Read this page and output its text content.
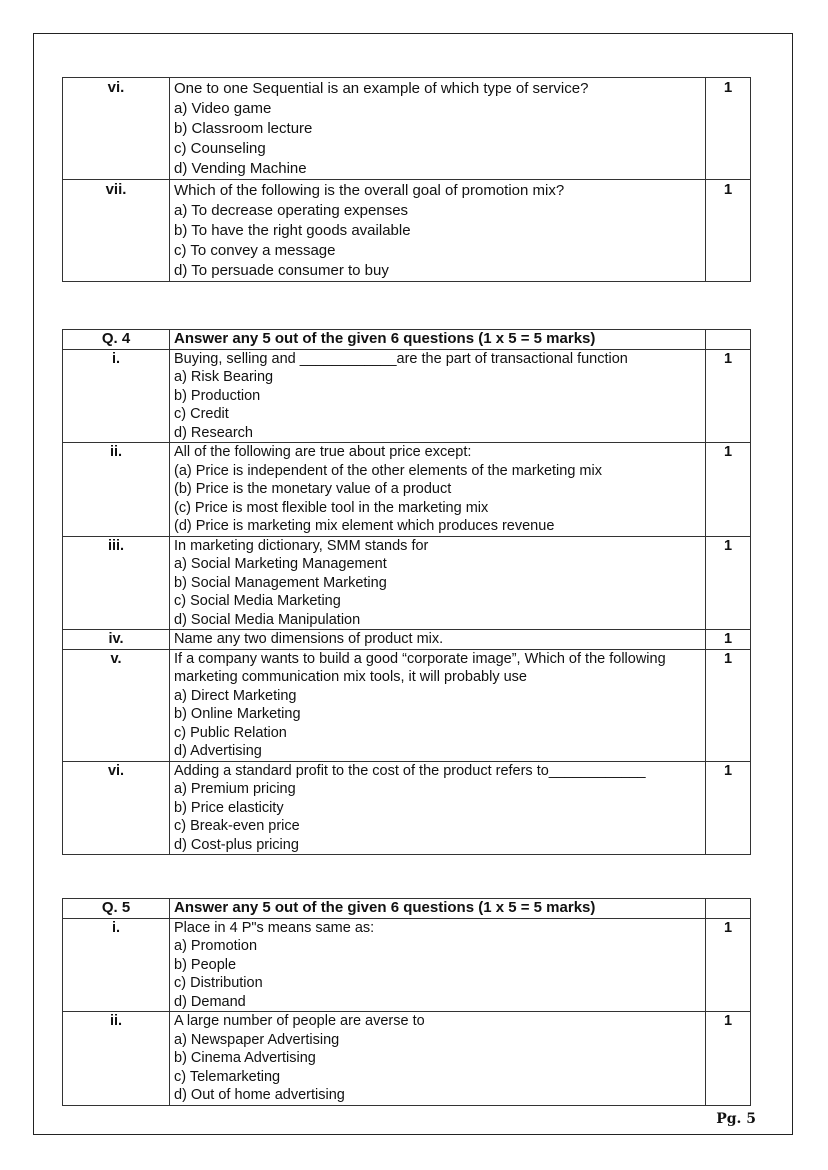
vi.	One to one Sequential is an example of which type of service?
a) Video game
b) Classroom lecture
c) Counseling
d) Vending Machine	1
vii.	Which of the following is the overall goal of promotion mix?
a) To decrease operating expenses
b) To have the right goods available
c) To convey a message
d) To persuade consumer to buy	1
Q. 4	Answer any 5 out of the given 6 questions (1 x 5 = 5 marks)	
i.	Buying, selling and ____________are the part of transactional function
a) Risk Bearing
b) Production
c) Credit
d) Research	1
ii.	All of the following are true about price except:
(a) Price is independent of the other elements of the marketing mix
(b) Price is the monetary value of a product
(c) Price is most flexible tool in the marketing mix
(d) Price is marketing mix element which produces revenue	1
iii.	In marketing dictionary, SMM stands for
a) Social Marketing Management
b) Social Management Marketing
c) Social Media Marketing
d) Social Media Manipulation	1
iv.	Name any two dimensions of product mix.	1
v.	If a company wants to build a good “corporate image”, Which of the following marketing communication mix tools, it will probably use
a) Direct Marketing
b) Online Marketing
c) Public Relation
d) Advertising	1
vi.	Adding a standard profit to the cost of the product refers to____________
a) Premium pricing
b) Price elasticity
c) Break-even price
d) Cost-plus pricing	1
Q. 5	Answer any 5 out of the given 6 questions (1 x 5 = 5 marks)	
i.	Place in 4 P"s means same as:
a) Promotion
b) People
c) Distribution
d) Demand	1
ii.	A large number of people are averse to
a) Newspaper Advertising
b) Cinema Advertising
c) Telemarketing
d) Out of home advertising	1
Pg. 5
